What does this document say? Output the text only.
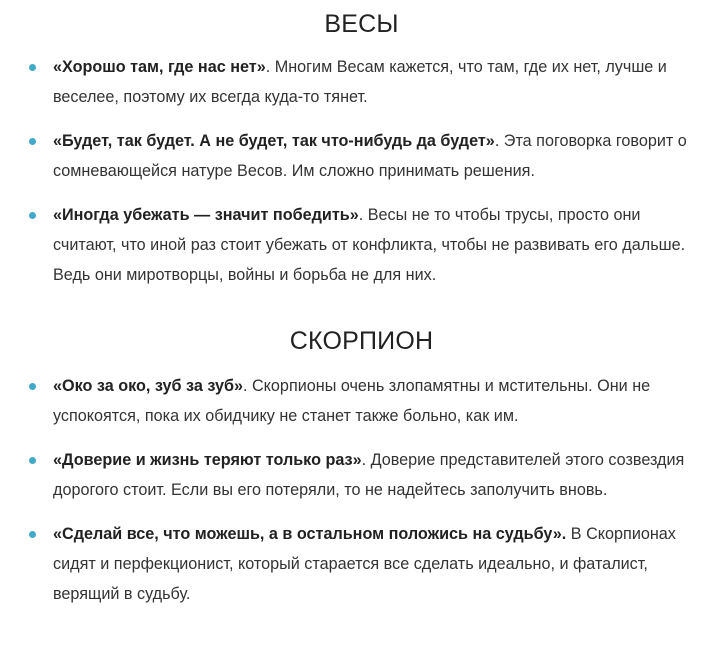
ВЕСЫ
«Хорошо там, где нас нет». Многим Весам кажется, что там, где их нет, лучше и веселее, поэтому их всегда куда-то тянет.
«Будет, так будет. А не будет, так что-нибудь да будет». Эта поговорка говорит о сомневающейся натуре Весов. Им сложно принимать решения.
«Иногда убежать — значит победить». Весы не то чтобы трусы, просто они считают, что иной раз стоит убежать от конфликта, чтобы не развивать его дальше. Ведь они миротворцы, войны и борьба не для них.
СКОРПИОН
«Око за око, зуб за зуб». Скорпионы очень злопамятны и мстительны. Они не успокоятся, пока их обидчику не станет также больно, как им.
«Доверие и жизнь теряют только раз». Доверие представителей этого созвездия дорогого стоит. Если вы его потеряли, то не надейтесь заполучить вновь.
«Сделай все, что можешь, а в остальном положись на судьбу». В Скорпионах сидят и перфекционист, который старается все сделать идеально, и фаталист, верящий в судьбу.
